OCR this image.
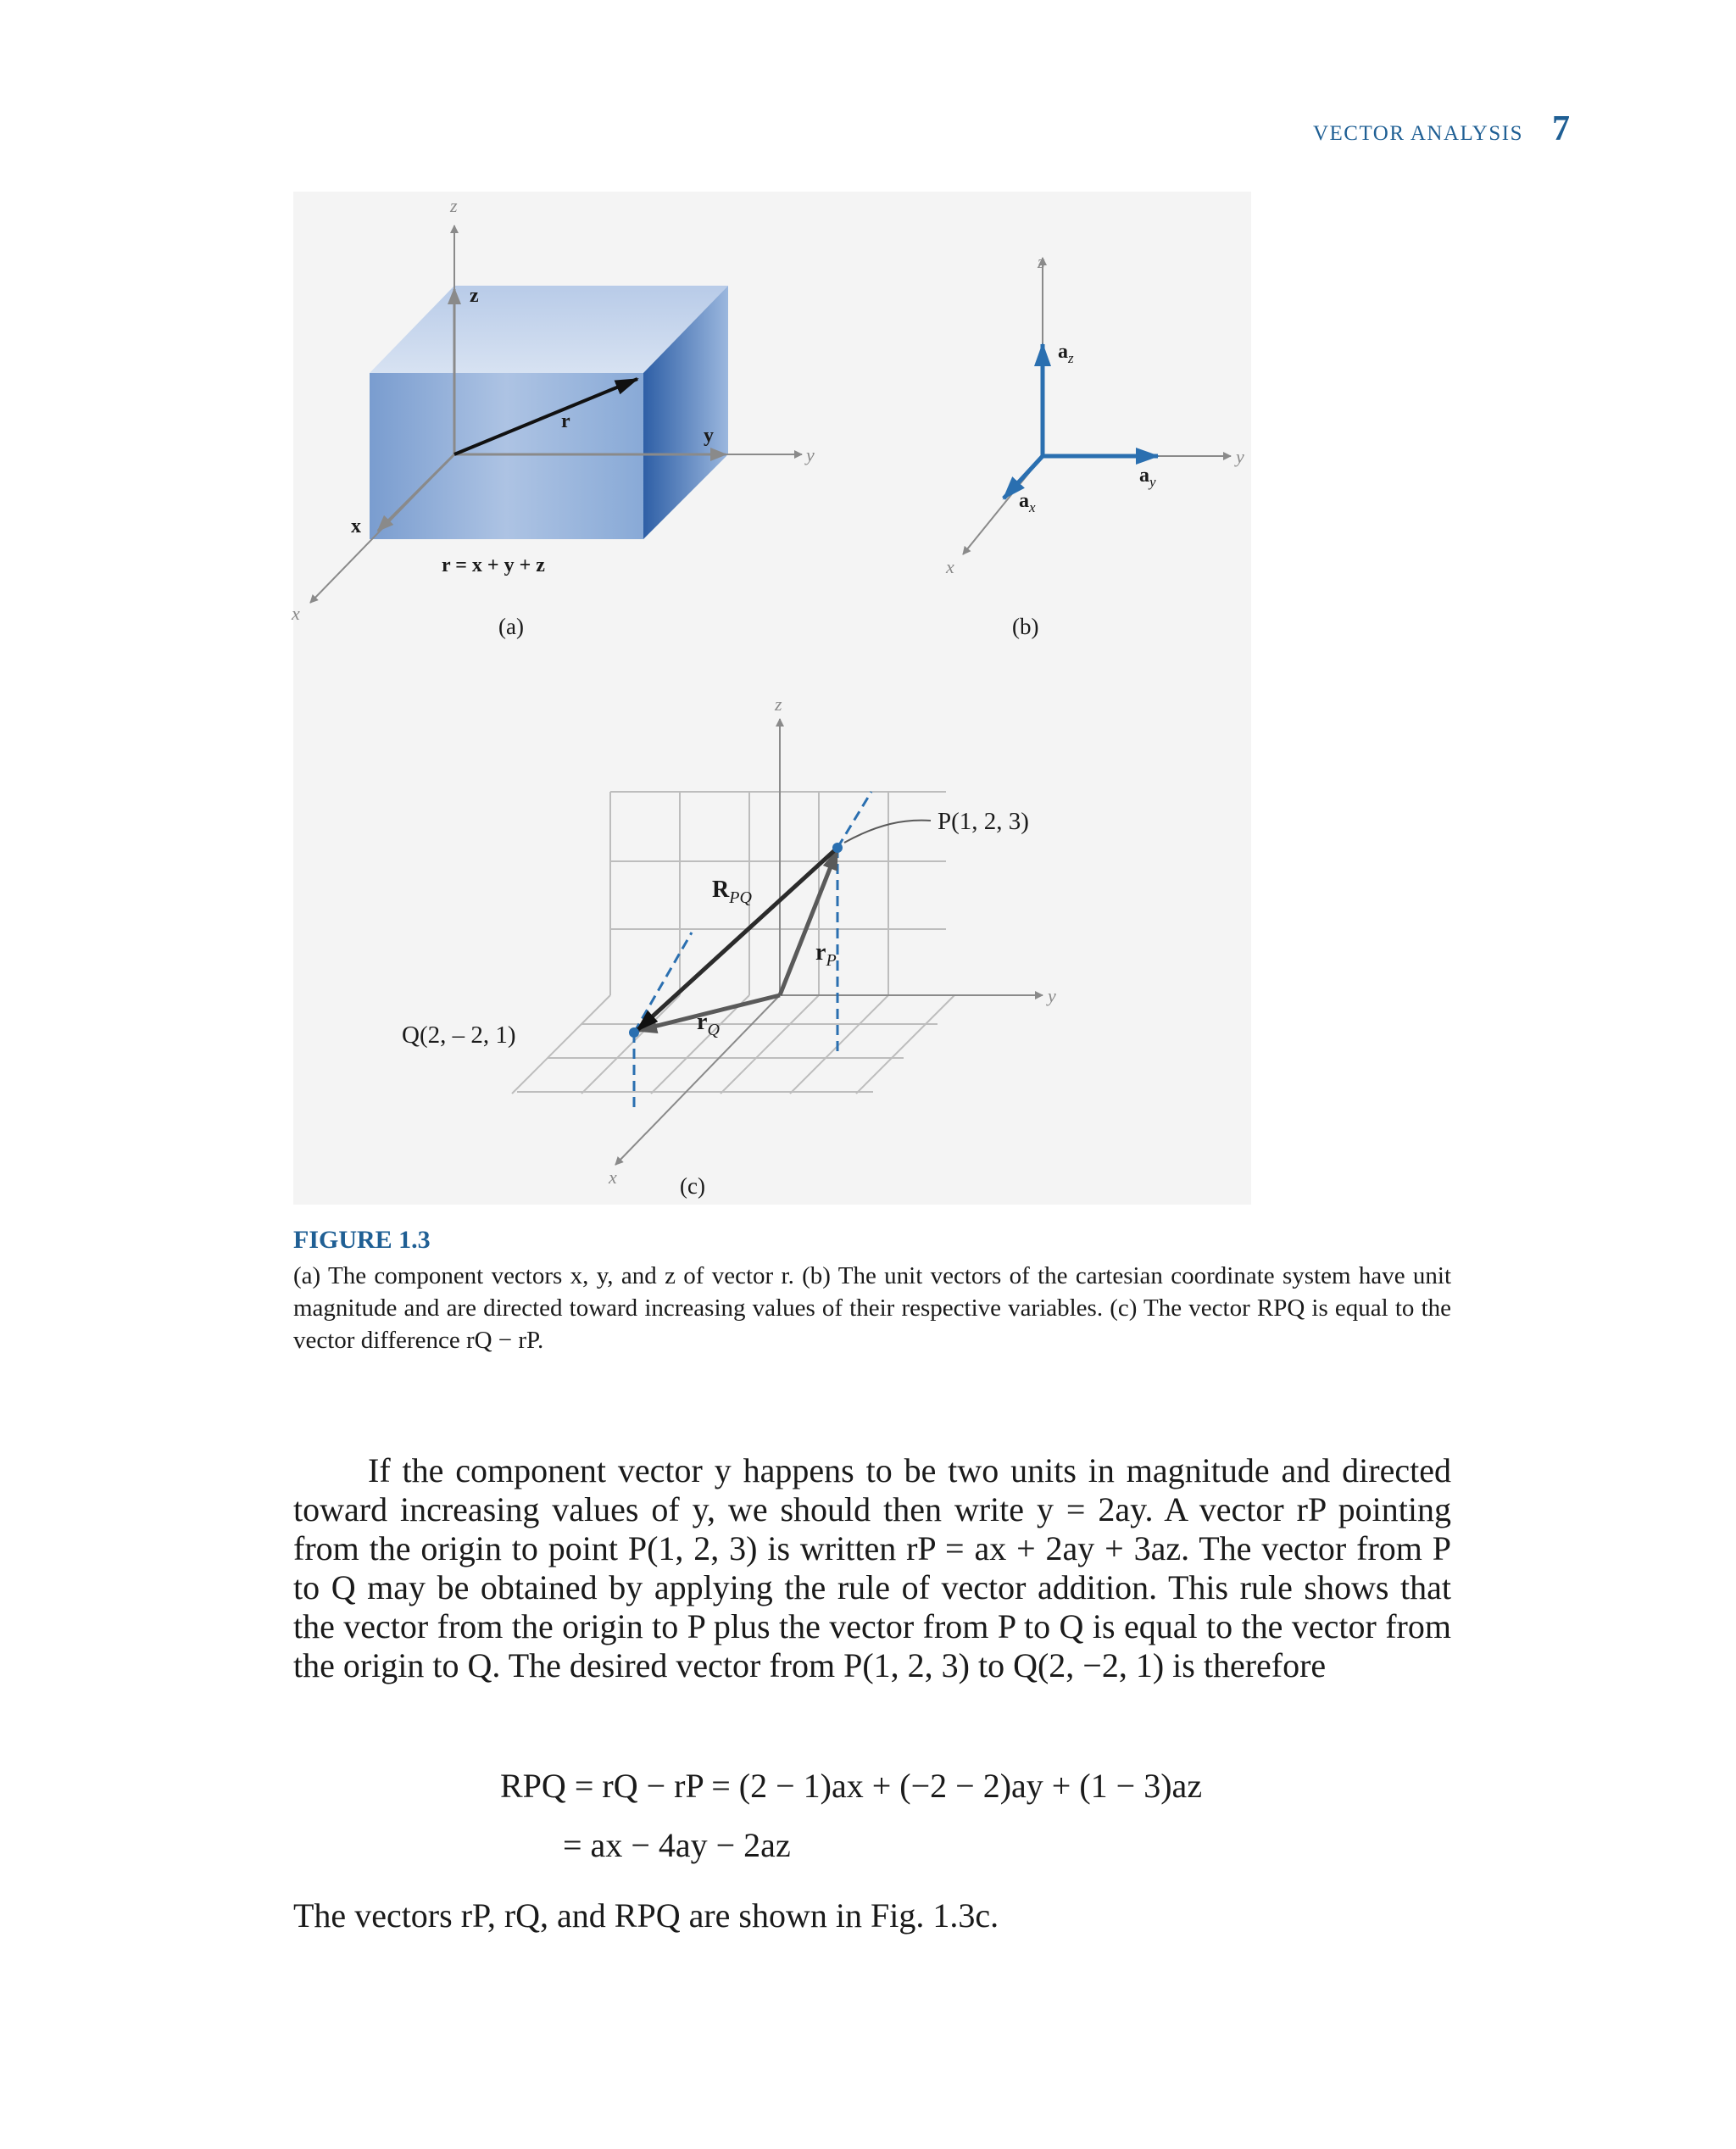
VECTOR ANALYSIS 7
z
y
x
z
y
x
r
r = x + y + z
(a)
z
y
x
$a_z$
$a_y$
$a_x$
(b)
z
y
x
P(1, 2, 3)
Q(2, – 2, 1)
$R_{PQ}$
$r_P$
$r_Q$
(c)
FIGURE 1.3
(a) The component vectors x, y, and z of vector r. (b) The unit vectors of the cartesian coordinate system have unit magnitude and are directed toward increasing values of their respective variables. (c) The vector RPQ is equal to the vector difference rQ − rP.
If the component vector y happens to be two units in magnitude and directed toward increasing values of y, we should then write y = 2ay. A vector rP pointing from the origin to point P(1, 2, 3) is written rP = ax + 2ay + 3az. The vector from P to Q may be obtained by applying the rule of vector addition. This rule shows that the vector from the origin to P plus the vector from P to Q is equal to the vector from the origin to Q. The desired vector from P(1, 2, 3) to Q(2, −2, 1) is therefore
RPQ = rQ − rP = (2 − 1)ax + (−2 − 2)ay + (1 − 3)az
= ax − 4ay − 2az
The vectors rP, rQ, and RPQ are shown in Fig. 1.3c.
